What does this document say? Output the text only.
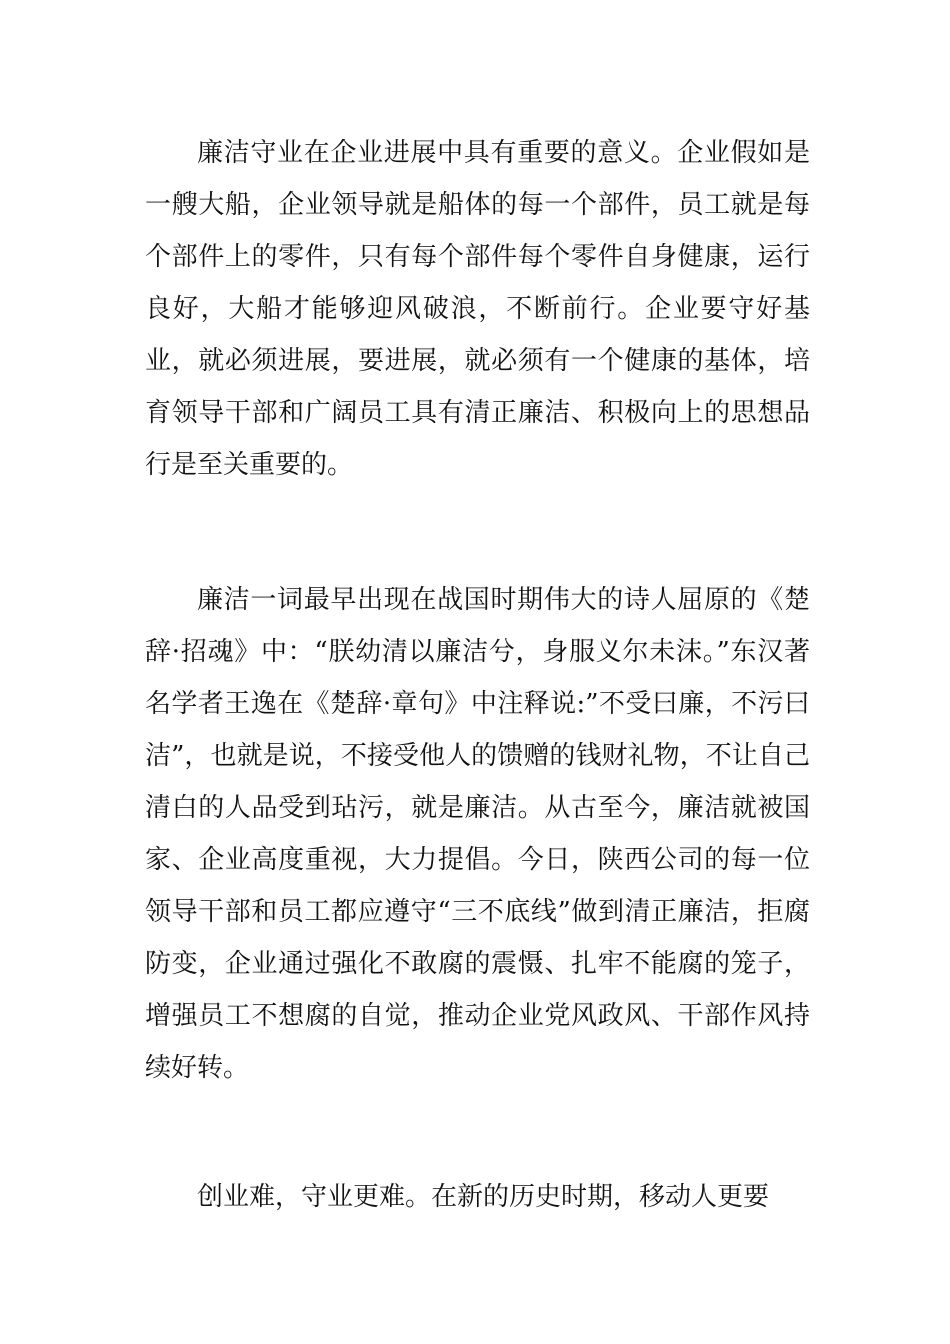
廉洁守业在企业进展中具有重要的意义。企业假如是一艘大船，企业领导就是船体的每一个部件，员工就是每个部件上的零件，只有每个部件每个零件自身健康，运行良好，大船才能够迎风破浪，不断前行。企业要守好基业，就必须进展，要进展，就必须有一个健康的基体，培育领导干部和广阔员工具有清正廉洁、积极向上的思想品行是至关重要的。

廉洁一词最早出现在战国时期伟大的诗人屈原的《楚辞·招魂》中：“朕幼清以廉洁兮，身服义尔未沫。”东汉著名学者王逸在《楚辞·章句》中注释说:”不受曰廉，不污曰洁”，也就是说，不接受他人的馈赠的钱财礼物，不让自己清白的人品受到玷污，就是廉洁。从古至今，廉洁就被国家、企业高度重视，大力提倡。今日，陕西公司的每一位领导干部和员工都应遵守“三不底线”做到清正廉洁，拒腐防变，企业通过强化不敢腐的震慑、扎牢不能腐的笼子，增强员工不想腐的自觉，推动企业党风政风、干部作风持续好转。

创业难，守业更难。在新的历史时期，移动人更要
